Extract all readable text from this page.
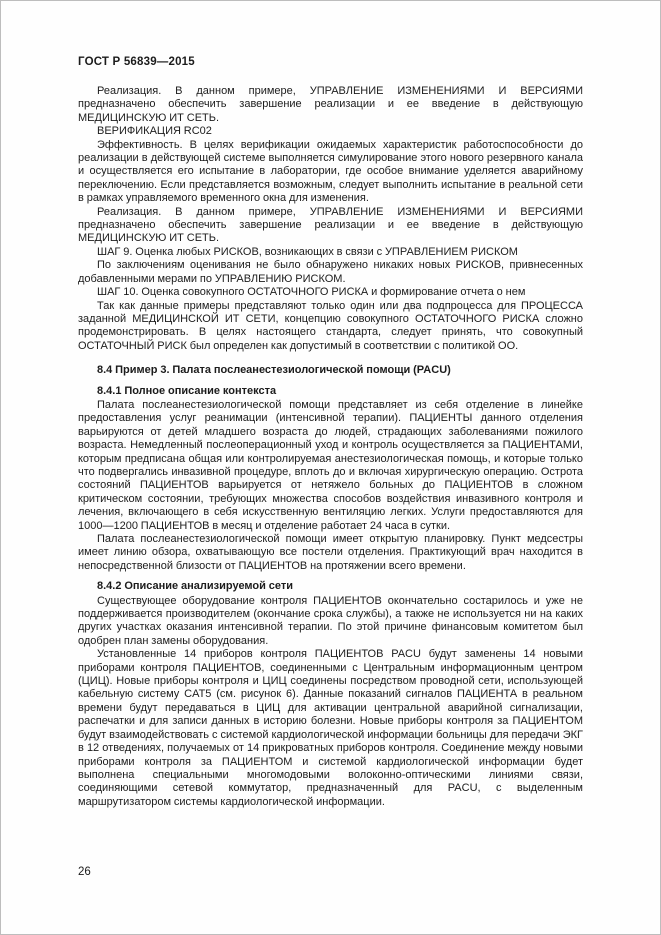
ГОСТ Р 56839—2015

Реализация. В данном примере, УПРАВЛЕНИЕ ИЗМЕНЕНИЯМИ И ВЕРСИЯМИ предназначено обеспечить завершение реализации и ее введение в действующую МЕДИЦИНСКУЮ ИТ СЕТЬ.

ВЕРИФИКАЦИЯ RC02

Эффективность. В целях верификации ожидаемых характеристик работоспособности до реализации в действующей системе выполняется симулирование этого нового резервного канала и осуществляется его испытание в лаборатории, где особое внимание уделяется аварийному переключению. Если представляется возможным, следует выполнить испытание в реальной сети в рамках управляемого временного окна для изменения.

Реализация. В данном примере, УПРАВЛЕНИЕ ИЗМЕНЕНИЯМИ И ВЕРСИЯМИ предназначено обеспечить завершение реализации и ее введение в действующую МЕДИЦИНСКУЮ ИТ СЕТЬ.

ШАГ 9. Оценка любых РИСКОВ, возникающих в связи с УПРАВЛЕНИЕМ РИСКОМ

По заключениям оценивания не было обнаружено никаких новых РИСКОВ, привнесенных добавленными мерами по УПРАВЛЕНИЮ РИСКОМ.

ШАГ 10. Оценка совокупного ОСТАТОЧНОГО РИСКА и формирование отчета о нем

Так как данные примеры представляют только один или два подпроцесса для ПРОЦЕССА заданной МЕДИЦИНСКОЙ ИТ СЕТИ, концепцию совокупного ОСТАТОЧНОГО РИСКА сложно продемонстрировать. В целях настоящего стандарта, следует принять, что совокупный ОСТАТОЧНЫЙ РИСК был определен как допустимый в соответствии с политикой ОО.

8.4 Пример 3. Палата послеанестезиологической помощи (PACU)

8.4.1 Полное описание контекста

Палата послеанестезиологической помощи представляет из себя отделение в линейке предоставления услуг реанимации (интенсивной терапии). ПАЦИЕНТЫ данного отделения варьируются от детей младшего возраста до людей, страдающих заболеваниями пожилого возраста. Немедленный послеоперационный уход и контроль осуществляется за ПАЦИЕНТАМИ, которым предписана общая или контролируемая анестезиологическая помощь, и которые только что подвергались инвазивной процедуре, вплоть до и включая хирургическую операцию. Острота состояний ПАЦИЕНТОВ варьируется от нетяжело больных до ПАЦИЕНТОВ в сложном критическом состоянии, требующих множества способов воздействия инвазивного контроля и лечения, включающего в себя искусственную вентиляцию легких. Услуги предоставляются для 1000—1200 ПАЦИЕНТОВ в месяц и отделение работает 24 часа в сутки.

Палата послеанестезиологической помощи имеет открытую планировку. Пункт медсестры имеет линию обзора, охватывающую все постели отделения. Практикующий врач находится в непосредственной близости от ПАЦИЕНТОВ на протяжении всего времени.

8.4.2 Описание анализируемой сети

Существующее оборудование контроля ПАЦИЕНТОВ окончательно состарилось и уже не поддерживается производителем (окончание срока службы), а также не используется ни на каких других участках оказания интенсивной терапии. По этой причине финансовым комитетом был одобрен план замены оборудования.

Установленные 14 приборов контроля ПАЦИЕНТОВ PACU будут заменены 14 новыми приборами контроля ПАЦИЕНТОВ, соединенными с Центральным информационным центром (ЦИЦ). Новые приборы контроля и ЦИЦ соединены посредством проводной сети, использующей кабельную систему CAT5 (см. рисунок 6). Данные показаний сигналов ПАЦИЕНТА в реальном времени будут передаваться в ЦИЦ для активации центральной аварийной сигнализации, распечатки и для записи данных в историю болезни. Новые приборы контроля за ПАЦИЕНТОМ будут взаимодействовать с системой кардиологической информации больницы для передачи ЭКГ в 12 отведениях, получаемых от 14 прикроватных приборов контроля. Соединение между новыми приборами контроля за ПАЦИЕНТОМ и системой кардиологической информации будет выполнена специальными многомодовыми волоконно-оптическими линиями связи, соединяющими сетевой коммутатор, предназначенный для PACU, с выделенным маршрутизатором системы кардиологической информации.

26
